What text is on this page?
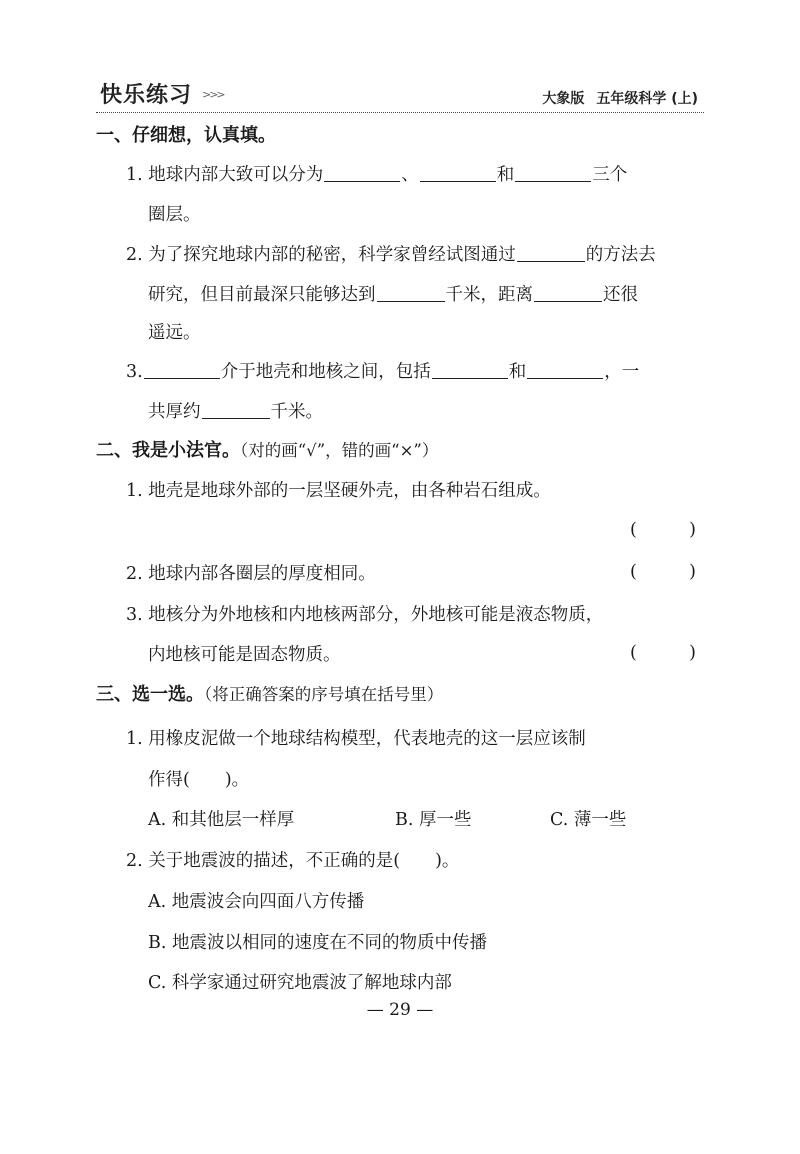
快乐练习 >>>	大象版 五年级科学 (上)
一、仔细想，认真填。
1. 地球内部大致可以分为	、	和	三个
圈层。
2. 为了探究地球内部的秘密，科学家曾经试图通过	的方法去
研究，但目前最深只能够达到	千米，距离	还很
遥远。
3.	介于地壳和地核之间，包括	和	，一
共厚约	千米。
二、我是小法官。（对的画“√”，错的画“×”）
1. 地壳是地球外部的一层坚硬外壳，由各种岩石组成。
(	)
2. 地球内部各圈层的厚度相同。	(	)
3. 地核分为外地核和内地核两部分，外地核可能是液态物质，
内地核可能是固态物质。	(	)
三、选一选。（将正确答案的序号填在括号里）
1. 用橡皮泥做一个地球结构模型，代表地壳的这一层应该制
作得(　　)。
A. 和其他层一样厚	B. 厚一些	C. 薄一些
2. 关于地震波的描述，不正确的是(　　)。
A. 地震波会向四面八方传播
B. 地震波以相同的速度在不同的物质中传播
C. 科学家通过研究地震波了解地球内部
— 29 —
